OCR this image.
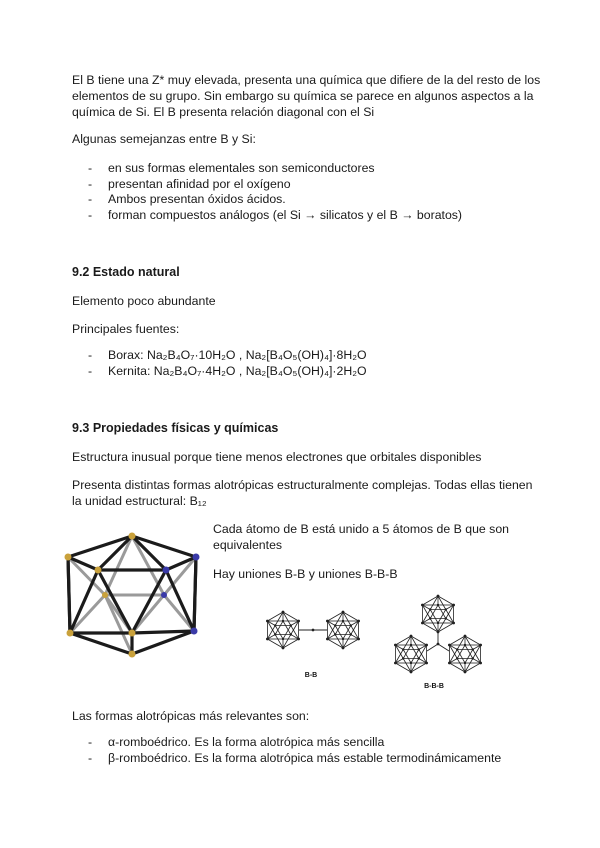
El B tiene una Z* muy elevada, presenta una química que difiere de la del resto de los elementos de su grupo. Sin embargo su química se parece en algunos aspectos a la química de Si. El B presenta relación diagonal con el Si

Algunas semejanzas entre B y Si:

-	en sus formas elementales son semiconductores
-	presentan afinidad por el oxígeno
-	Ambos presentan óxidos ácidos.
-	forman compuestos análogos (el Si → silicatos y el B → boratos)

9.2 Estado natural

Elemento poco abundante

Principales fuentes:

-	Borax: Na₂B₄O₇·10H₂O , Na₂[B₄O₅(OH)₄]·8H₂O
-	Kernita: Na₂B₄O₇·4H₂O , Na₂[B₄O₅(OH)₄]·2H₂O

9.3 Propiedades físicas y químicas

Estructura inusual porque tiene menos electrones que orbitales disponibles

Presenta distintas formas alotrópicas estructuralmente complejas. Todas ellas tienen la unidad estructural: B₁₂

Cada átomo de B está unido a 5 átomos de B que son equivalentes

Hay uniones B-B y uniones B-B-B

B-B
B-B-B

Las formas alotrópicas más relevantes son:

-	α-romboédrico. Es la forma alotrópica más sencilla
-	β-romboédrico. Es la forma alotrópica más estable termodinámicamente
